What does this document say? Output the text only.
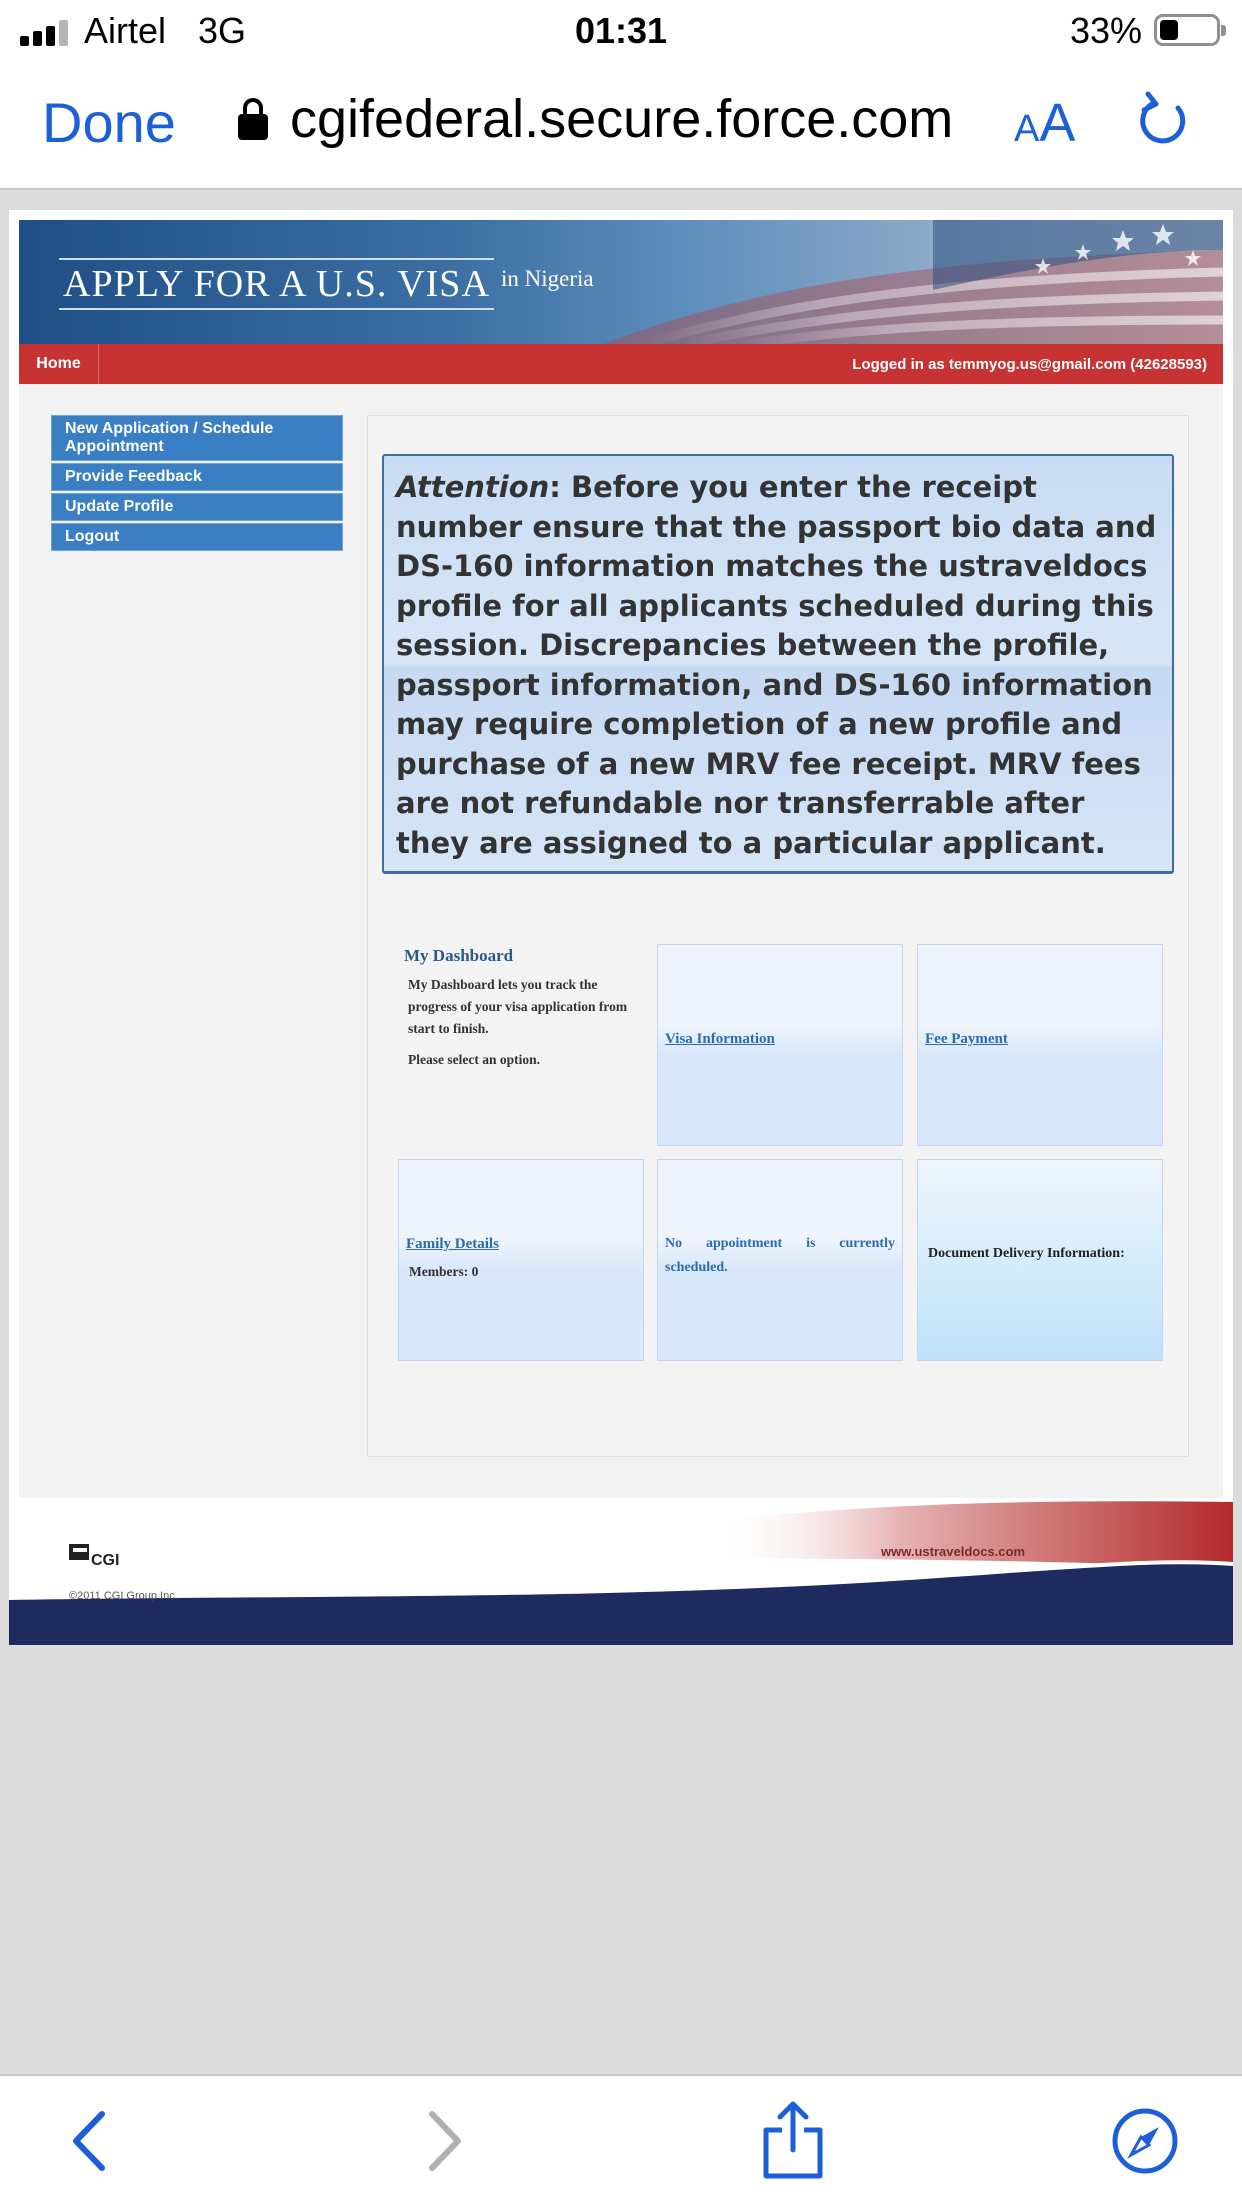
Airtel 3G	01:31	33%
Done cgifederal.secure.force.com AA
APPLY FOR A U.S. VISA in Nigeria
Home	Logged in as temmyog.us@gmail.com (42628593)
New Application / Schedule Appointment
Provide Feedback
Update Profile
Logout

Attention: Before you enter the receipt number ensure that the passport bio data and DS-160 information matches the ustraveldocs profile for all applicants scheduled during this session. Discrepancies between the profile, passport information, and DS-160 information may require completion of a new profile and purchase of a new MRV fee receipt. MRV fees are not refundable nor transferrable after they are assigned to a particular applicant.

My Dashboard
My Dashboard lets you track the progress of your visa application from start to finish.
Please select an option.
Visa Information	Fee Payment
Family Details
Members: 0
No appointment is currently scheduled.
Document Delivery Information:
CGI
©2011 CGI Group Inc.
www.ustraveldocs.com
